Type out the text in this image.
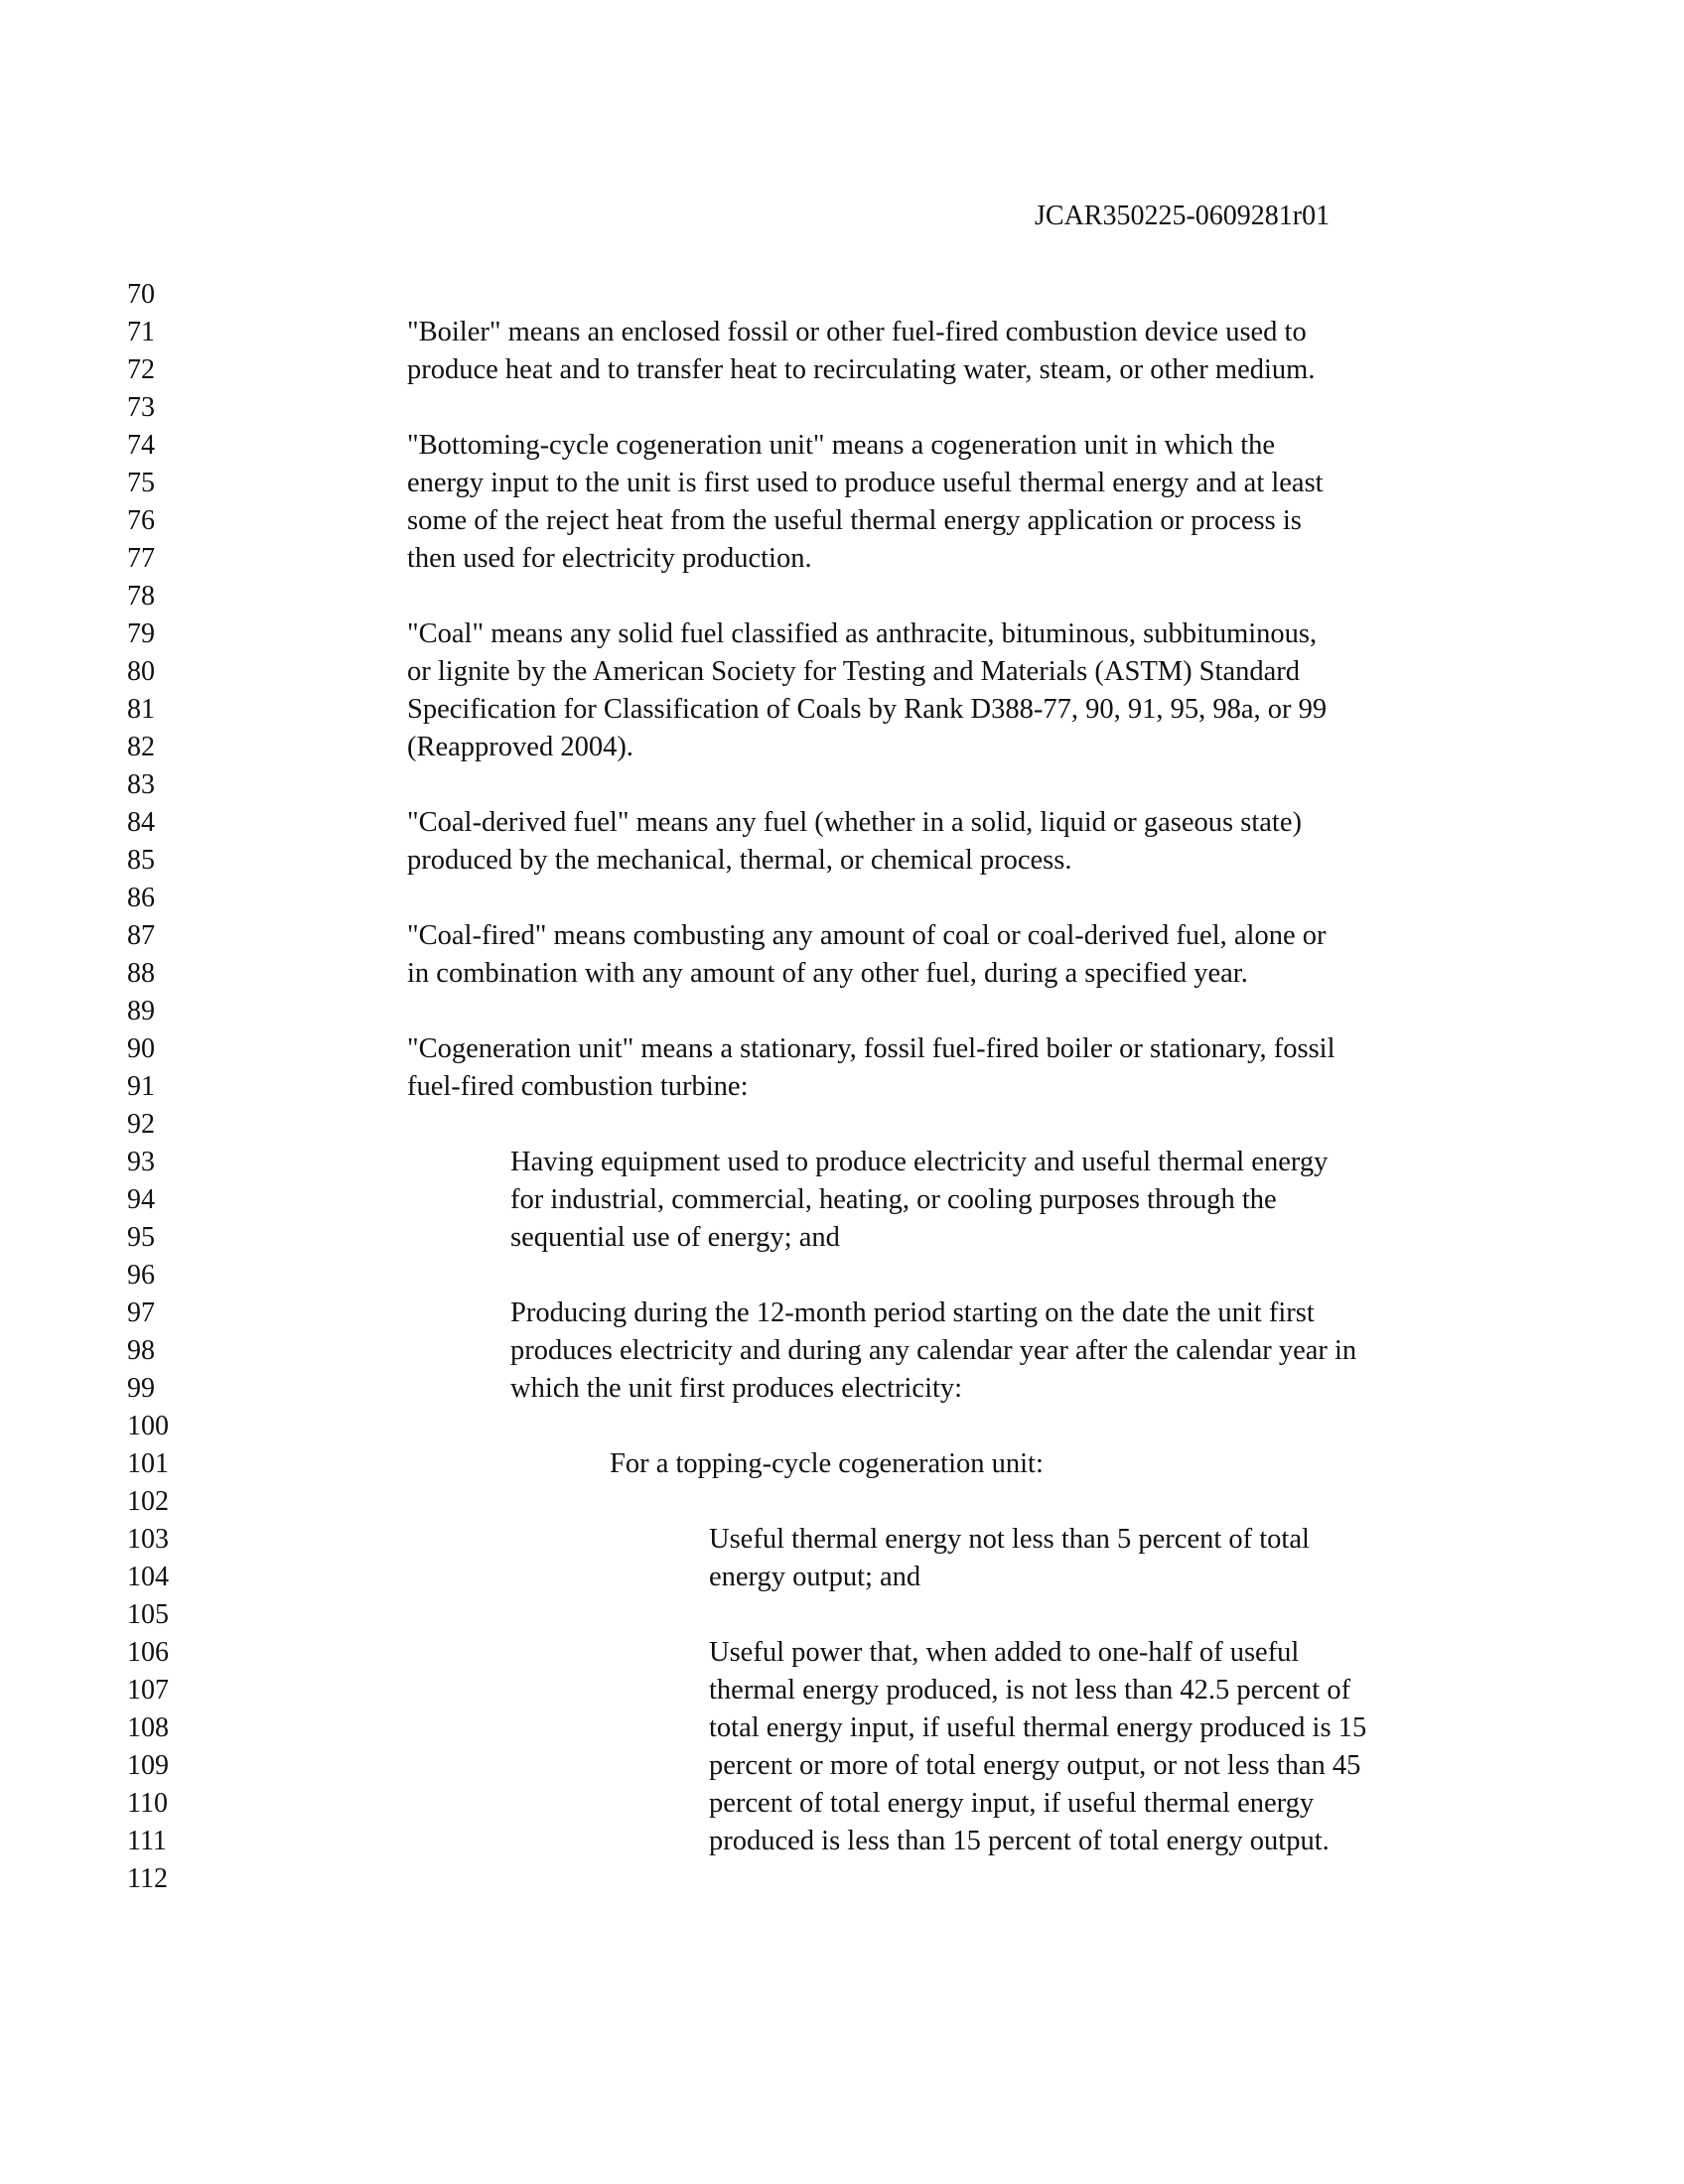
JCAR350225-0609281r01
70
71
72
73
74
75
76
77
78
79
80
81
82
83
84
85
86
87
88
89
90
91
92
93
94
95
96
97
98
99
100
101
102
103
104
105
106
107
108
109
110
111
112
"Boiler" means an enclosed fossil or other fuel-fired combustion device used to
produce heat and to transfer heat to recirculating water, steam, or other medium.
"Bottoming-cycle cogeneration unit" means a cogeneration unit in which the
energy input to the unit is first used to produce useful thermal energy and at least
some of the reject heat from the useful thermal energy application or process is
then used for electricity production.
"Coal" means any solid fuel classified as anthracite, bituminous, subbituminous,
or lignite by the American Society for Testing and Materials (ASTM) Standard
Specification for Classification of Coals by Rank D388-77, 90, 91, 95, 98a, or 99
(Reapproved 2004).
"Coal-derived fuel" means any fuel (whether in a solid, liquid or gaseous state)
produced by the mechanical, thermal, or chemical process.
"Coal-fired" means combusting any amount of coal or coal-derived fuel, alone or
in combination with any amount of any other fuel, during a specified year.
"Cogeneration unit" means a stationary, fossil fuel-fired boiler or stationary, fossil
fuel-fired combustion turbine:
Having equipment used to produce electricity and useful thermal energy
for industrial, commercial, heating, or cooling purposes through the
sequential use of energy; and
Producing during the 12-month period starting on the date the unit first
produces electricity and during any calendar year after the calendar year in
which the unit first produces electricity:
For a topping-cycle cogeneration unit:
Useful thermal energy not less than 5 percent of total
energy output; and
Useful power that, when added to one-half of useful
thermal energy produced, is not less than 42.5 percent of
total energy input, if useful thermal energy produced is 15
percent or more of total energy output, or not less than 45
percent of total energy input, if useful thermal energy
produced is less than 15 percent of total energy output.
